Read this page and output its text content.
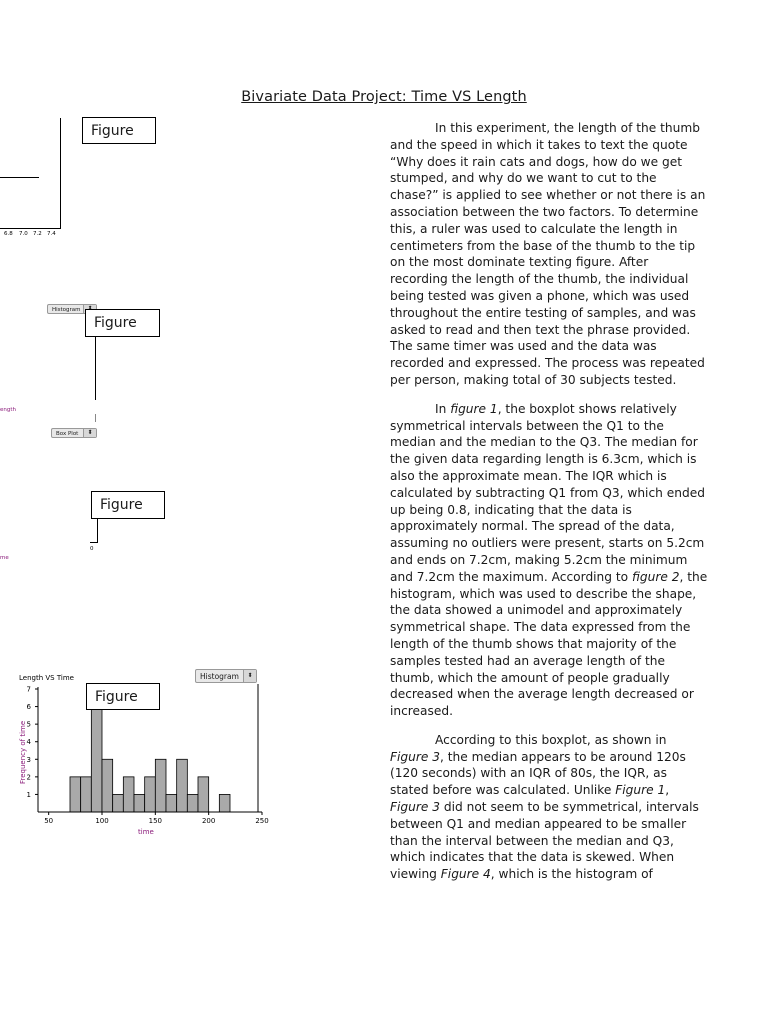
Bivariate Data Project: Time VS Length

In this experiment, the length of the thumb and the speed in which it takes to text the quote “Why does it rain cats and dogs, how do we get stumped, and why do we want to cut to the chase?” is applied to see whether or not there is an association between the two factors. To determine this, a ruler was used to calculate the length in centimeters from the base of the thumb to the tip on the most dominate texting figure. After recording the length of the thumb, the individual being tested was given a phone, which was used throughout the entire testing of samples, and was asked to read and then text the phrase provided. The same timer was used and the data was recorded and expressed. The process was repeated per person, making total of 30 subjects tested.

In figure 1, the boxplot shows relatively symmetrical intervals between the Q1 to the median and the median to the Q3. The median for the given data regarding length is 6.3cm, which is also the approximate mean. The IQR which is calculated by subtracting Q1 from Q3, which ended up being 0.8, indicating that the data is approximately normal. The spread of the data, assuming no outliers were present, starts on 5.2cm and ends on 7.2cm, making 5.2cm the minimum and 7.2cm the maximum. According to figure 2, the histogram, which was used to describe the shape, the data showed a unimodel and approximately symmetrical shape. The data expressed from the length of the thumb shows that majority of the samples tested had an average length of the thumb, which the amount of people gradually decreased when the average length decreased or increased.

According to this boxplot, as shown in Figure 3, the median appears to be around 120s (120 seconds) with an IQR of 80s, the IQR, as stated before was calculated. Unlike Figure 1, Figure 3 did not seem to be symmetrical, intervals between Q1 and median appeared to be smaller than the interval between the median and Q3, which indicates that the data is skewed. When viewing Figure 4, which is the histogram of

6.8 7.0 7.2 7.4
Figure
Histogram
Figure
ength
Box Plot	⬍
Figure
0
me
Histogram	⬍
Length VS Time
Frequency of time
time
1
2
3
4
5
6
7
50	100	150	200	250
Figure
